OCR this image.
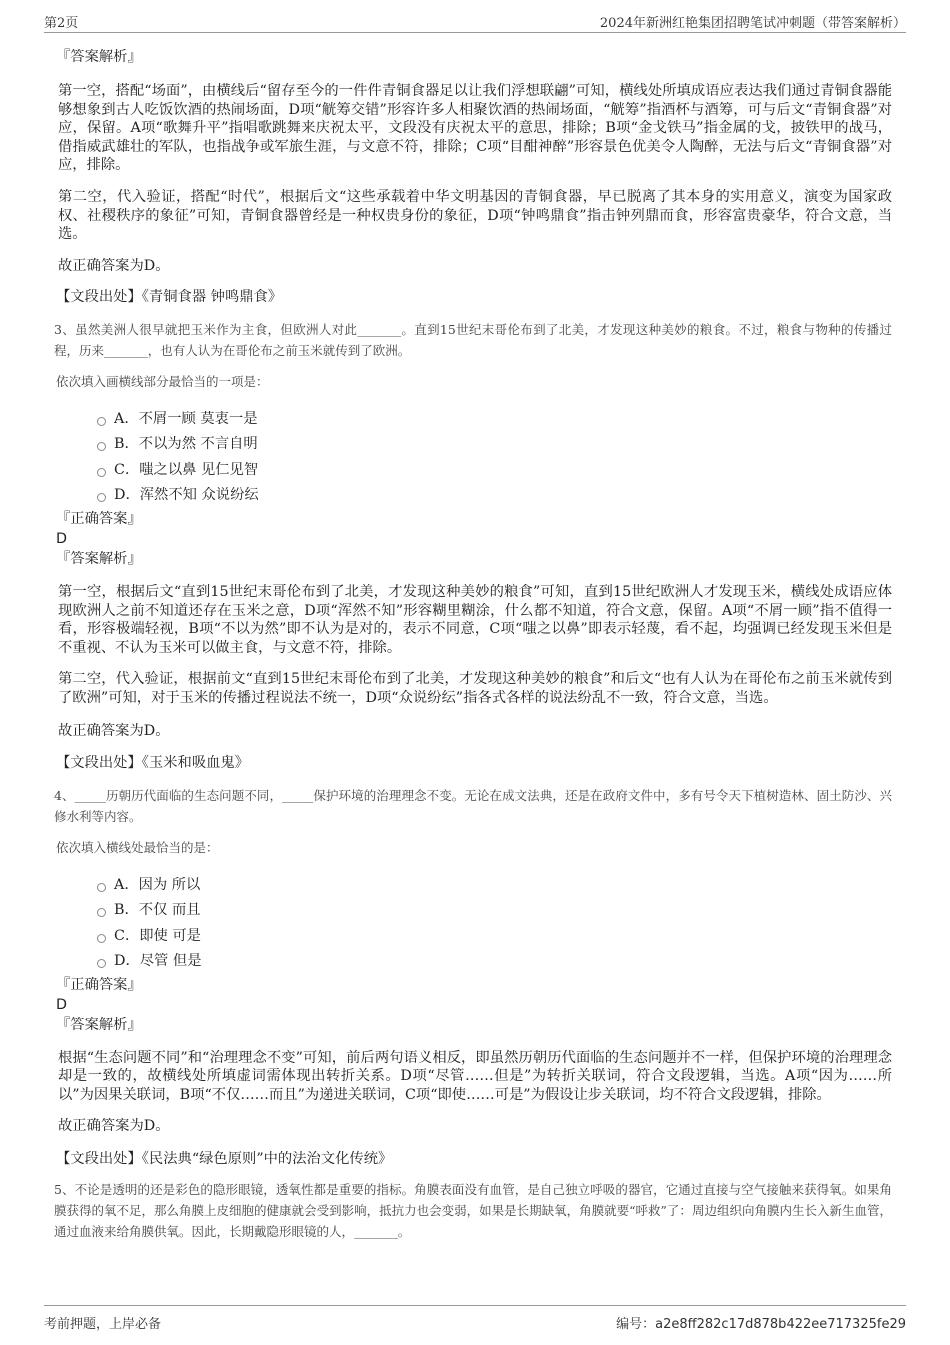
第2页	2024年新洲红艳集团招聘笔试冲刺题（带答案解析）

『答案解析』

第一空，搭配“场面”，由横线后“留存至今的一件件青铜食器足以让我们浮想联翩”可知，横线处所填成语应表达我们通过青铜食器能够想象到古人吃饭饮酒的热闹场面，D项“觥筹交错”形容许多人相聚饮酒的热闹场面，“觥筹”指酒杯与酒筹，可与后文“青铜食器”对应，保留。A项“歌舞升平”指唱歌跳舞来庆祝太平，文段没有庆祝太平的意思，排除；B项“金戈铁马”指金属的戈，披铁甲的战马，借指威武雄壮的军队，也指战争或军旅生涯，与文意不符，排除；C项“目酣神醉”形容景色优美令人陶醉，无法与后文“青铜食器”对应，排除。

第二空，代入验证，搭配“时代”，根据后文“这些承载着中华文明基因的青铜食器，早已脱离了其本身的实用意义，演变为国家政权、社稷秩序的象征”可知，青铜食器曾经是一种权贵身份的象征，D项“钟鸣鼎食”指击钟列鼎而食，形容富贵豪华，符合文意，当选。

故正确答案为D。

【文段出处】《青铜食器 钟鸣鼎食》

3、虽然美洲人很早就把玉米作为主食，但欧洲人对此_______。直到15世纪末哥伦布到了北美，才发现这种美妙的粮食。不过，粮食与物种的传播过程，历来_______，也有人认为在哥伦布之前玉米就传到了欧洲。

依次填入画横线部分最恰当的一项是：

A．不屑一顾 莫衷一是
B．不以为然 不言自明
C．嗤之以鼻 见仁见智
D．浑然不知 众说纷纭

『正确答案』

D

『答案解析』

第一空，根据后文“直到15世纪末哥伦布到了北美，才发现这种美妙的粮食”可知，直到15世纪欧洲人才发现玉米，横线处成语应体现欧洲人之前不知道还存在玉米之意，D项“浑然不知”形容糊里糊涂，什么都不知道，符合文意，保留。A项“不屑一顾”指不值得一看，形容极端轻视，B项“不以为然”即不认为是对的，表示不同意，C项“嗤之以鼻”即表示轻蔑，看不起，均强调已经发现玉米但是不重视、不认为玉米可以做主食，与文意不符，排除。

第二空，代入验证，根据前文“直到15世纪末哥伦布到了北美，才发现这种美妙的粮食”和后文“也有人认为在哥伦布之前玉米就传到了欧洲”可知，对于玉米的传播过程说法不统一，D项“众说纷纭”指各式各样的说法纷乱不一致，符合文意，当选。

故正确答案为D。

【文段出处】《玉米和吸血鬼》

4、_____历朝历代面临的生态问题不同，_____保护环境的治理理念不变。无论在成文法典，还是在政府文件中，多有号令天下植树造林、固土防沙、兴修水利等内容。

依次填入横线处最恰当的是：

A．因为 所以
B．不仅 而且
C．即使 可是
D．尽管 但是

『正确答案』

D

『答案解析』

根据“生态问题不同”和“治理理念不变”可知，前后两句语义相反，即虽然历朝历代面临的生态问题并不一样，但保护环境的治理理念却是一致的，故横线处所填虚词需体现出转折关系。D项“尽管……但是”为转折关联词，符合文段逻辑，当选。A项“因为……所以”为因果关联词，B项“不仅……而且”为递进关联词，C项“即使……可是”为假设让步关联词，均不符合文段逻辑，排除。

故正确答案为D。

【文段出处】《民法典“绿色原则”中的法治文化传统》

5、不论是透明的还是彩色的隐形眼镜，透氧性都是重要的指标。角膜表面没有血管，是自己独立呼吸的器官，它通过直接与空气接触来获得氧。如果角膜获得的氧不足，那么角膜上皮细胞的健康就会受到影响，抵抗力也会变弱，如果是长期缺氧，角膜就要“呼救”了：周边组织向角膜内生长入新生血管，通过血液来给角膜供氧。因此，长期戴隐形眼镜的人，_______。

考前押题，上岸必备	编号：a2e8ff282c17d878b422ee717325fe29
